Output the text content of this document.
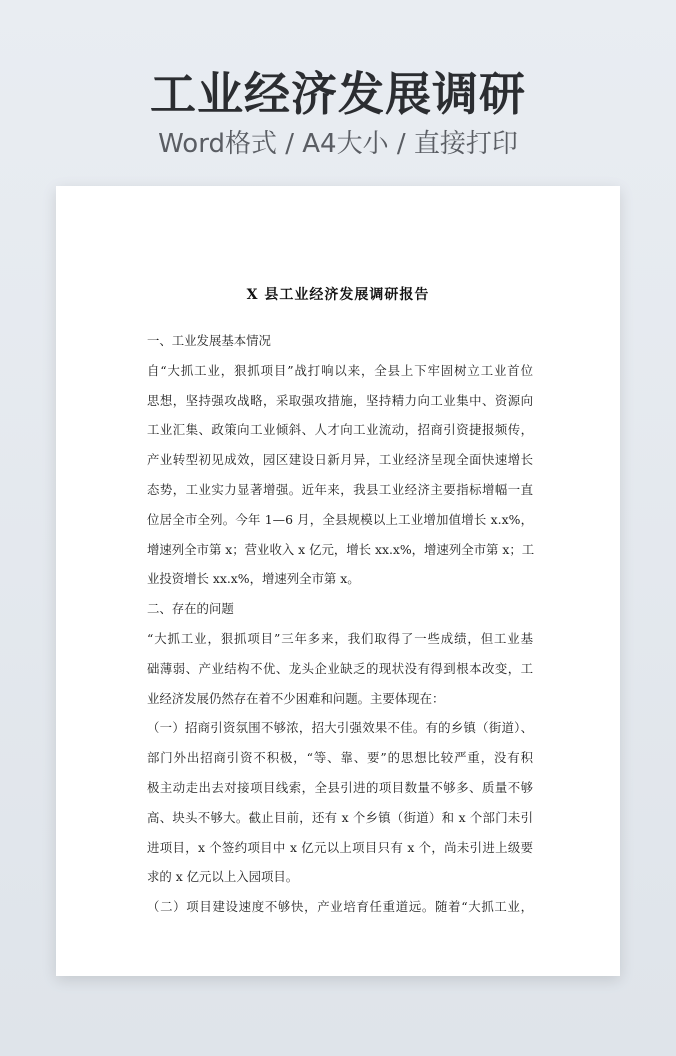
工业经济发展调研
Word格式 / A4大小 / 直接打印
X 县工业经济发展调研报告
一、工业发展基本情况
自“大抓工业，狠抓项目”战打响以来，全县上下牢固树立工业首位
思想，坚持强攻战略，采取强攻措施，坚持精力向工业集中、资源向
工业汇集、政策向工业倾斜、人才向工业流动，招商引资捷报频传，
产业转型初见成效，园区建设日新月异，工业经济呈现全面快速增长
态势，工业实力显著增强。近年来，我县工业经济主要指标增幅一直
位居全市全列。今年 1—6 月，全县规模以上工业增加值增长 x.x%，
增速列全市第 x；营业收入 x 亿元，增长 xx.x%，增速列全市第 x；工
业投资增长 xx.x%，增速列全市第 x。
二、存在的问题
“大抓工业，狠抓项目”三年多来，我们取得了一些成绩，但工业基
础薄弱、产业结构不优、龙头企业缺乏的现状没有得到根本改变，工
业经济发展仍然存在着不少困难和问题。主要体现在：
（一）招商引资氛围不够浓，招大引强效果不佳。有的乡镇（街道）、
部门外出招商引资不积极，“等、靠、要”的思想比较严重，没有积
极主动走出去对接项目线索，全县引进的项目数量不够多、质量不够
高、块头不够大。截止目前，还有 x 个乡镇（街道）和 x 个部门未引
进项目，x 个签约项目中 x 亿元以上项目只有 x 个，尚未引进上级要
求的 x 亿元以上入园项目。
（二）项目建设速度不够快，产业培育任重道远。随着“大抓工业，
